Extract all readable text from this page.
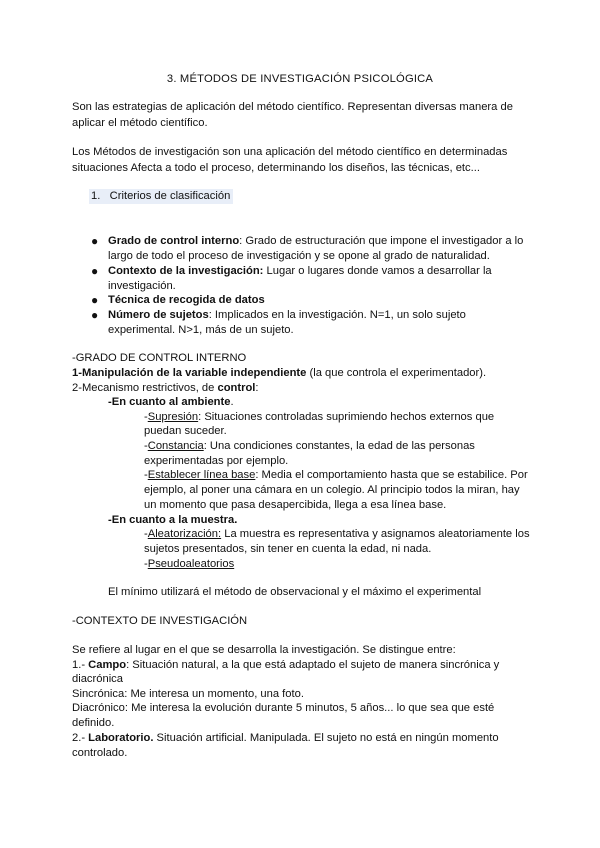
3. MÉTODOS DE INVESTIGACIÓN PSICOLÓGICA
Son las estrategias de aplicación del método científico. Representan diversas manera de
aplicar el método científico.
Los Métodos de investigación son una aplicación del método científico en determinadas
situaciones Afecta a todo el proceso, determinando los diseños, las técnicas, etc...
1. Criterios de clasificación
● Grado de control interno: Grado de estructuración que impone el investigador a lo
largo de todo el proceso de investigación y se opone al grado de naturalidad.
● Contexto de la investigación: Lugar o lugares donde vamos a desarrollar la
investigación.
● Técnica de recogida de datos
● Número de sujetos: Implicados en la investigación. N=1, un solo sujeto
experimental. N>1, más de un sujeto.
-GRADO DE CONTROL INTERNO
1-Manipulación de la variable independiente (la que controla el experimentador).
2-Mecanismo restrictivos, de control:
-En cuanto al ambiente.
-Supresión: Situaciones controladas suprimiendo hechos externos que
puedan suceder.
-Constancia: Una condiciones constantes, la edad de las personas
experimentadas por ejemplo.
-Establecer línea base: Media el comportamiento hasta que se estabilice. Por
ejemplo, al poner una cámara en un colegio. Al principio todos la miran, hay
un momento que pasa desapercibida, llega a esa línea base.
-En cuanto a la muestra.
-Aleatorización: La muestra es representativa y asignamos aleatoriamente los
sujetos presentados, sin tener en cuenta la edad, ni nada.
-Pseudoaleatorios
El mínimo utilizará el método de observacional y el máximo el experimental
-CONTEXTO DE INVESTIGACIÓN
Se refiere al lugar en el que se desarrolla la investigación. Se distingue entre:
1.- Campo: Situación natural, a la que está adaptado el sujeto de manera sincrónica y
diacrónica
Sincrónica: Me interesa un momento, una foto.
Diacrónico: Me interesa la evolución durante 5 minutos, 5 años... lo que sea que esté
definido.
2.- Laboratorio. Situación artificial. Manipulada. El sujeto no está en ningún momento
controlado.
